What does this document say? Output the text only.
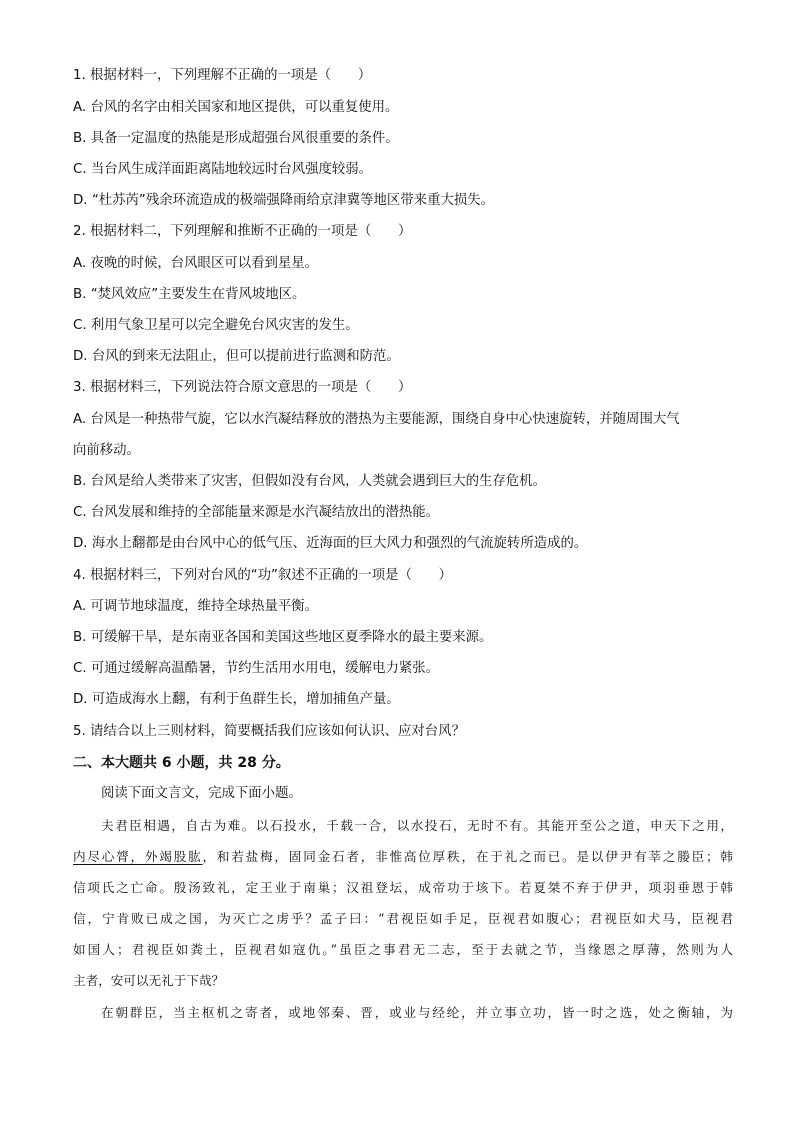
1. 根据材料一，下列理解不正确的一项是（　　）
A. 台风的名字由相关国家和地区提供，可以重复使用。
B. 具备一定温度的热能是形成超强台风很重要的条件。
C. 当台风生成洋面距离陆地较远时台风强度较弱。
D. “杜苏芮”残余环流造成的极端强降雨给京津冀等地区带来重大损失。
2. 根据材料二，下列理解和推断不正确的一项是（　　）
A. 夜晚的时候，台风眼区可以看到星星。
B. “焚风效应”主要发生在背风坡地区。
C. 利用气象卫星可以完全避免台风灾害的发生。
D. 台风的到来无法阻止，但可以提前进行监测和防范。
3. 根据材料三，下列说法符合原文意思的一项是（　　）
A. 台风是一种热带气旋，它以水汽凝结释放的潜热为主要能源，围绕自身中心快速旋转，并随周围大气
向前移动。
B. 台风是给人类带来了灾害，但假如没有台风，人类就会遇到巨大的生存危机。
C. 台风发展和维持的全部能量来源是水汽凝结放出的潜热能。
D. 海水上翻都是由台风中心的低气压、近海面的巨大风力和强烈的气流旋转所造成的。
4. 根据材料三，下列对台风的“功”叙述不正确的一项是（　　）
A. 可调节地球温度，维持全球热量平衡。
B. 可缓解干旱，是东南亚各国和美国这些地区夏季降水的最主要来源。
C. 可通过缓解高温酷暑，节约生活用水用电，缓解电力紧张。
D. 可造成海水上翻，有利于鱼群生长，增加捕鱼产量。
5. 请结合以上三则材料，简要概括我们应该如何认识、应对台风？
二、本大题共 6 小题，共 28 分。
阅读下面文言文，完成下面小题。
夫君臣相遇，自古为难。以石投水，千载一合，以水投石，无时不有。其能开至公之道，申天下之用，
内尽心膂，外竭股肱，和若盐梅，固同金石者，非惟高位厚秩，在于礼之而已。是以伊尹有莘之媵臣；韩
信项氏之亡命。殷汤致礼，定王业于南巢；汉祖登坛，成帝功于垓下。若夏桀不弃于伊尹，项羽垂恩于韩
信，宁肯败已成之国，为灭亡之虏乎？孟子曰：“君视臣如手足，臣视君如腹心；君视臣如犬马，臣视君
如国人；君视臣如粪土，臣视君如寇仇。”虽臣之事君无二志，至于去就之节，当缘恩之厚薄，然则为人
主者，安可以无礼于下哉？
在朝群臣，当主枢机之寄者，或地邻秦、晋，或业与经纶，并立事立功，皆一时之选，处之衡轴，为
